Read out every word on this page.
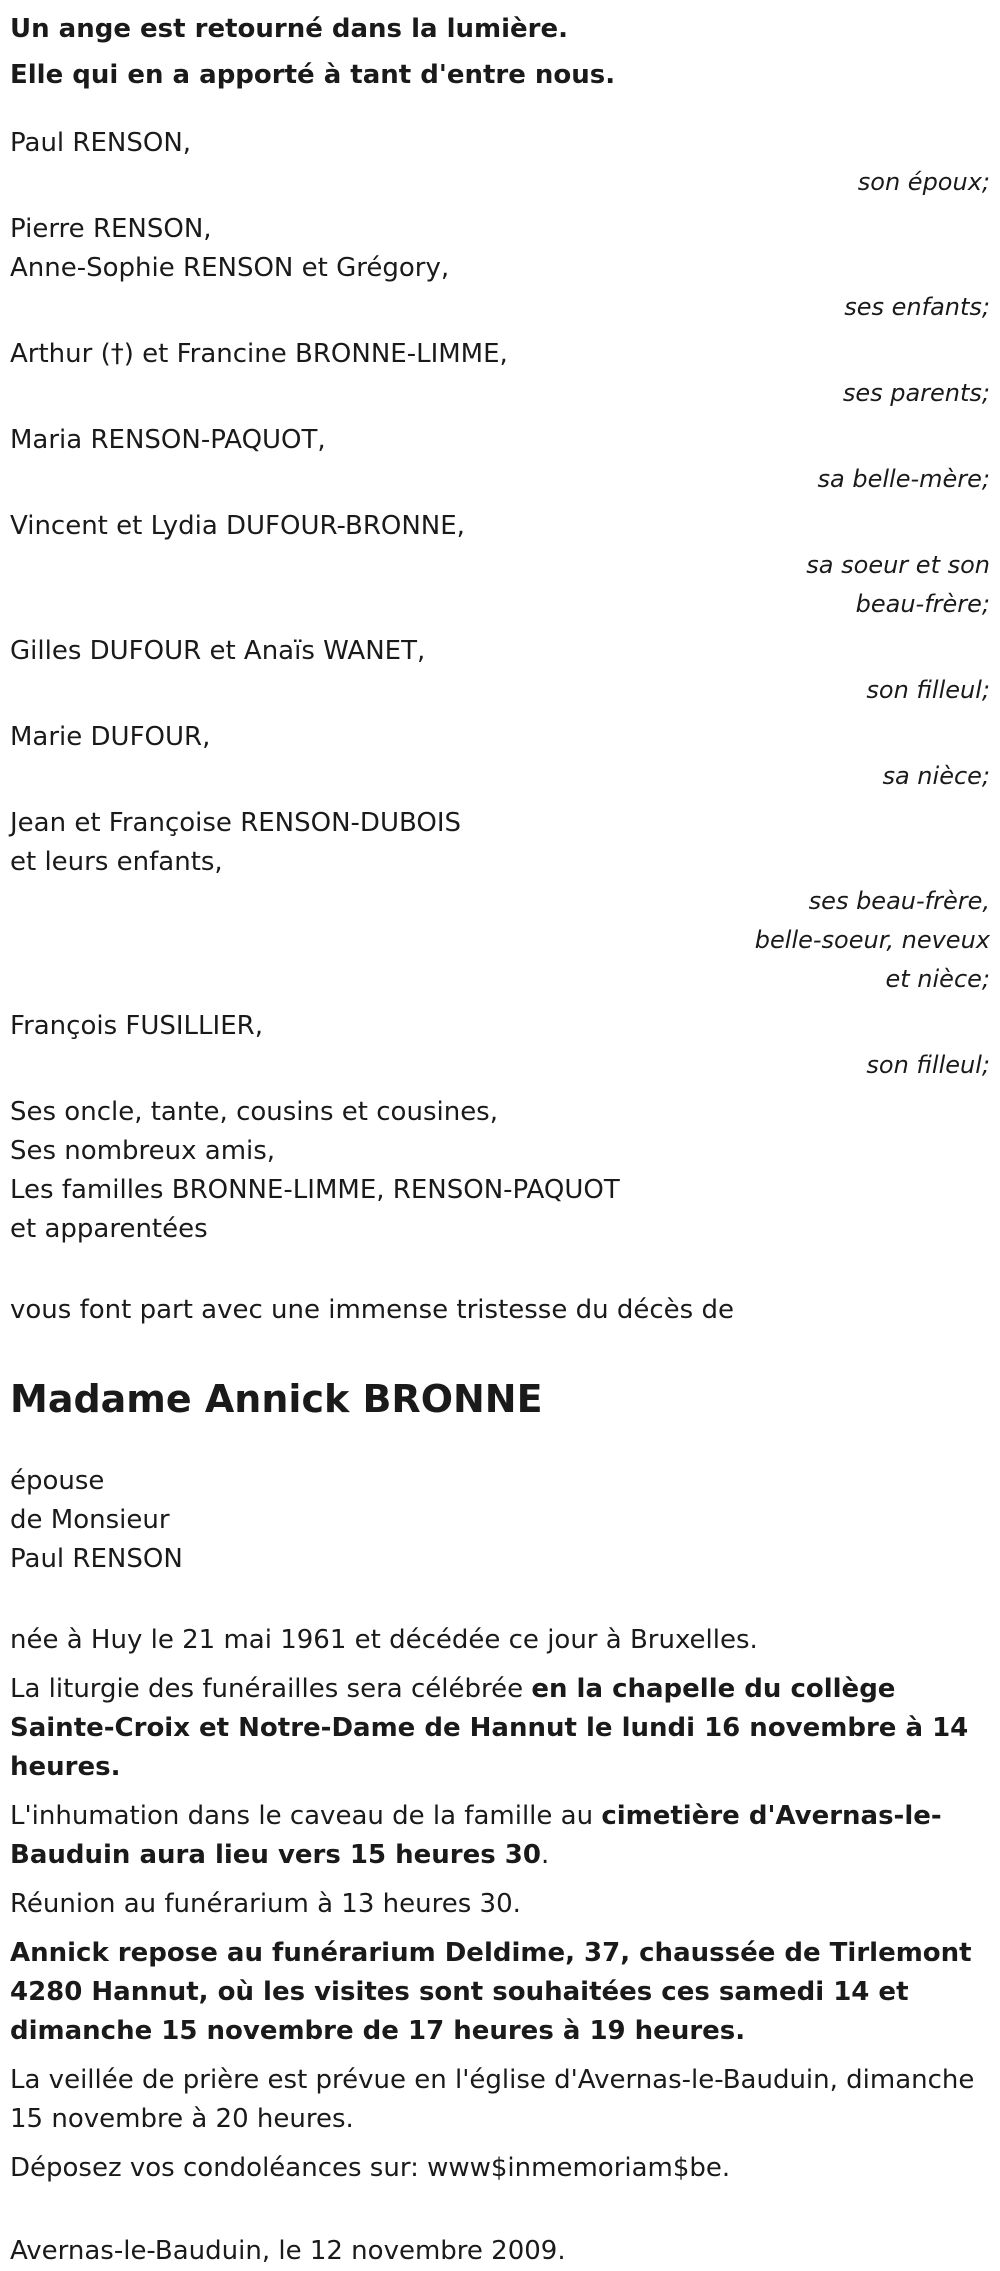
Un ange est retourné dans la lumière.
Elle qui en a apporté à tant d'entre nous.
Paul RENSON,
son époux;
Pierre RENSON,
Anne-Sophie RENSON et Grégory,
ses enfants;
Arthur (†) et Francine BRONNE-LIMME,
ses parents;
Maria RENSON-PAQUOT,
sa belle-mère;
Vincent et Lydia DUFOUR-BRONNE,
sa soeur et son
beau-frère;
Gilles DUFOUR et Anaïs WANET,
son filleul;
Marie DUFOUR,
sa nièce;
Jean et Françoise RENSON-DUBOIS
et leurs enfants,
ses beau-frère,
belle-soeur, neveux
et nièce;
François FUSILLIER,
son filleul;
Ses oncle, tante, cousins et cousines,
Ses nombreux amis,
Les familles BRONNE-LIMME, RENSON-PAQUOT
et apparentées
vous font part avec une immense tristesse du décès de
Madame Annick BRONNE
épouse
de Monsieur
Paul RENSON
née à Huy le 21 mai 1961 et décédée ce jour à Bruxelles.
La liturgie des funérailles sera célébrée en la chapelle du collège Sainte-Croix et Notre-Dame de Hannut le lundi 16 novembre à 14 heures.
L'inhumation dans le caveau de la famille au cimetière d'Avernas-le-Bauduin aura lieu vers 15 heures 30.
Réunion au funérarium à 13 heures 30.
Annick repose au funérarium Deldime, 37, chaussée de Tirlemont 4280 Hannut, où les visites sont souhaitées ces samedi 14 et dimanche 15 novembre de 17 heures à 19 heures.
La veillée de prière est prévue en l'église d'Avernas-le-Bauduin, dimanche 15 novembre à 20 heures.
Déposez vos condoléances sur: www$inmemoriam$be.
Avernas-le-Bauduin, le 12 novembre 2009.
